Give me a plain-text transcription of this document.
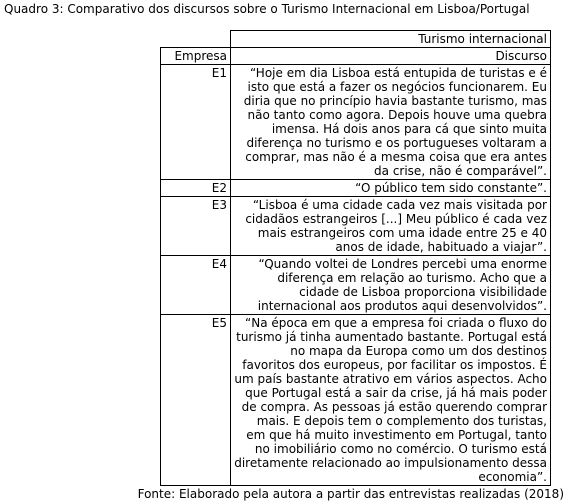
Quadro 3: Comparativo dos discursos sobre o Turismo Internacional em Lisboa/Portugal
	Turismo internacional
Empresa	Discurso
E1	“Hoje em dia Lisboa está entupida de turistas e é isto que está a fazer os negócios funcionarem. Eu diria que no princípio havia bastante turismo, mas não tanto como agora. Depois houve uma quebra imensa. Há dois anos para cá que sinto muita diferença no turismo e os portugueses voltaram a comprar, mas não é a mesma coisa que era antes da crise, não é comparável”.
E2	“O público tem sido constante”.
E3	“Lisboa é uma cidade cada vez mais visitada por cidadãos estrangeiros [...] Meu público é cada vez mais estrangeiros com uma idade entre 25 e 40 anos de idade, habituado a viajar”.
E4	“Quando voltei de Londres percebi uma enorme diferença em relação ao turismo. Acho que a cidade de Lisboa proporciona visibilidade internacional aos produtos aqui desenvolvidos”.
E5	“Na época em que a empresa foi criada o fluxo do turismo já tinha aumentado bastante. Portugal está no mapa da Europa como um dos destinos favoritos dos europeus, por facilitar os impostos. É um país bastante atrativo em vários aspectos. Acho que Portugal está a sair da crise, já há mais poder de compra. As pessoas já estão querendo comprar mais. E depois tem o complemento dos turistas, em que há muito investimento em Portugal, tanto no imobiliário como no comércio. O turismo está diretamente relacionado ao impulsionamento dessa economia”.
Fonte: Elaborado pela autora a partir das entrevistas realizadas (2018)
